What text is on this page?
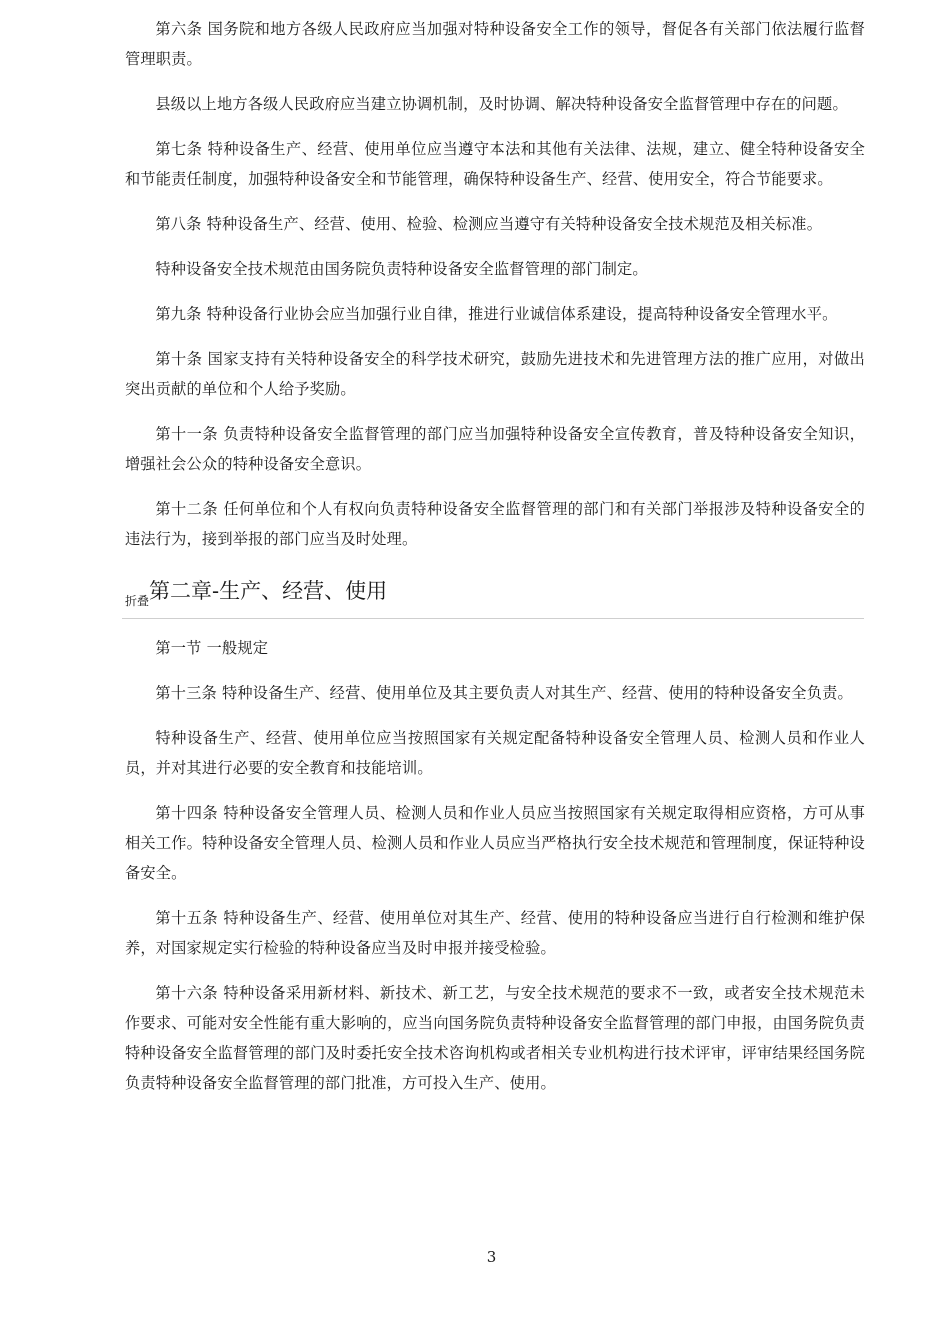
第六条 国务院和地方各级人民政府应当加强对特种设备安全工作的领导，督促各有关部门依法履行监督管理职责。

县级以上地方各级人民政府应当建立协调机制，及时协调、解决特种设备安全监督管理中存在的问题。

第七条 特种设备生产、经营、使用单位应当遵守本法和其他有关法律、法规，建立、健全特种设备安全和节能责任制度，加强特种设备安全和节能管理，确保特种设备生产、经营、使用安全，符合节能要求。

第八条 特种设备生产、经营、使用、检验、检测应当遵守有关特种设备安全技术规范及相关标准。

特种设备安全技术规范由国务院负责特种设备安全监督管理的部门制定。

第九条 特种设备行业协会应当加强行业自律，推进行业诚信体系建设，提高特种设备安全管理水平。

第十条 国家支持有关特种设备安全的科学技术研究，鼓励先进技术和先进管理方法的推广应用，对做出突出贡献的单位和个人给予奖励。

第十一条 负责特种设备安全监督管理的部门应当加强特种设备安全宣传教育，普及特种设备安全知识，增强社会公众的特种设备安全意识。

第十二条 任何单位和个人有权向负责特种设备安全监督管理的部门和有关部门举报涉及特种设备安全的违法行为，接到举报的部门应当及时处理。

折叠 第二章-生产、经营、使用

第一节 一般规定

第十三条 特种设备生产、经营、使用单位及其主要负责人对其生产、经营、使用的特种设备安全负责。

特种设备生产、经营、使用单位应当按照国家有关规定配备特种设备安全管理人员、检测人员和作业人员，并对其进行必要的安全教育和技能培训。

第十四条 特种设备安全管理人员、检测人员和作业人员应当按照国家有关规定取得相应资格，方可从事相关工作。特种设备安全管理人员、检测人员和作业人员应当严格执行安全技术规范和管理制度，保证特种设备安全。

第十五条 特种设备生产、经营、使用单位对其生产、经营、使用的特种设备应当进行自行检测和维护保养，对国家规定实行检验的特种设备应当及时申报并接受检验。

第十六条 特种设备采用新材料、新技术、新工艺，与安全技术规范的要求不一致，或者安全技术规范未作要求、可能对安全性能有重大影响的，应当向国务院负责特种设备安全监督管理的部门申报，由国务院负责特种设备安全监督管理的部门及时委托安全技术咨询机构或者相关专业机构进行技术评审，评审结果经国务院负责特种设备安全监督管理的部门批准，方可投入生产、使用。

3
